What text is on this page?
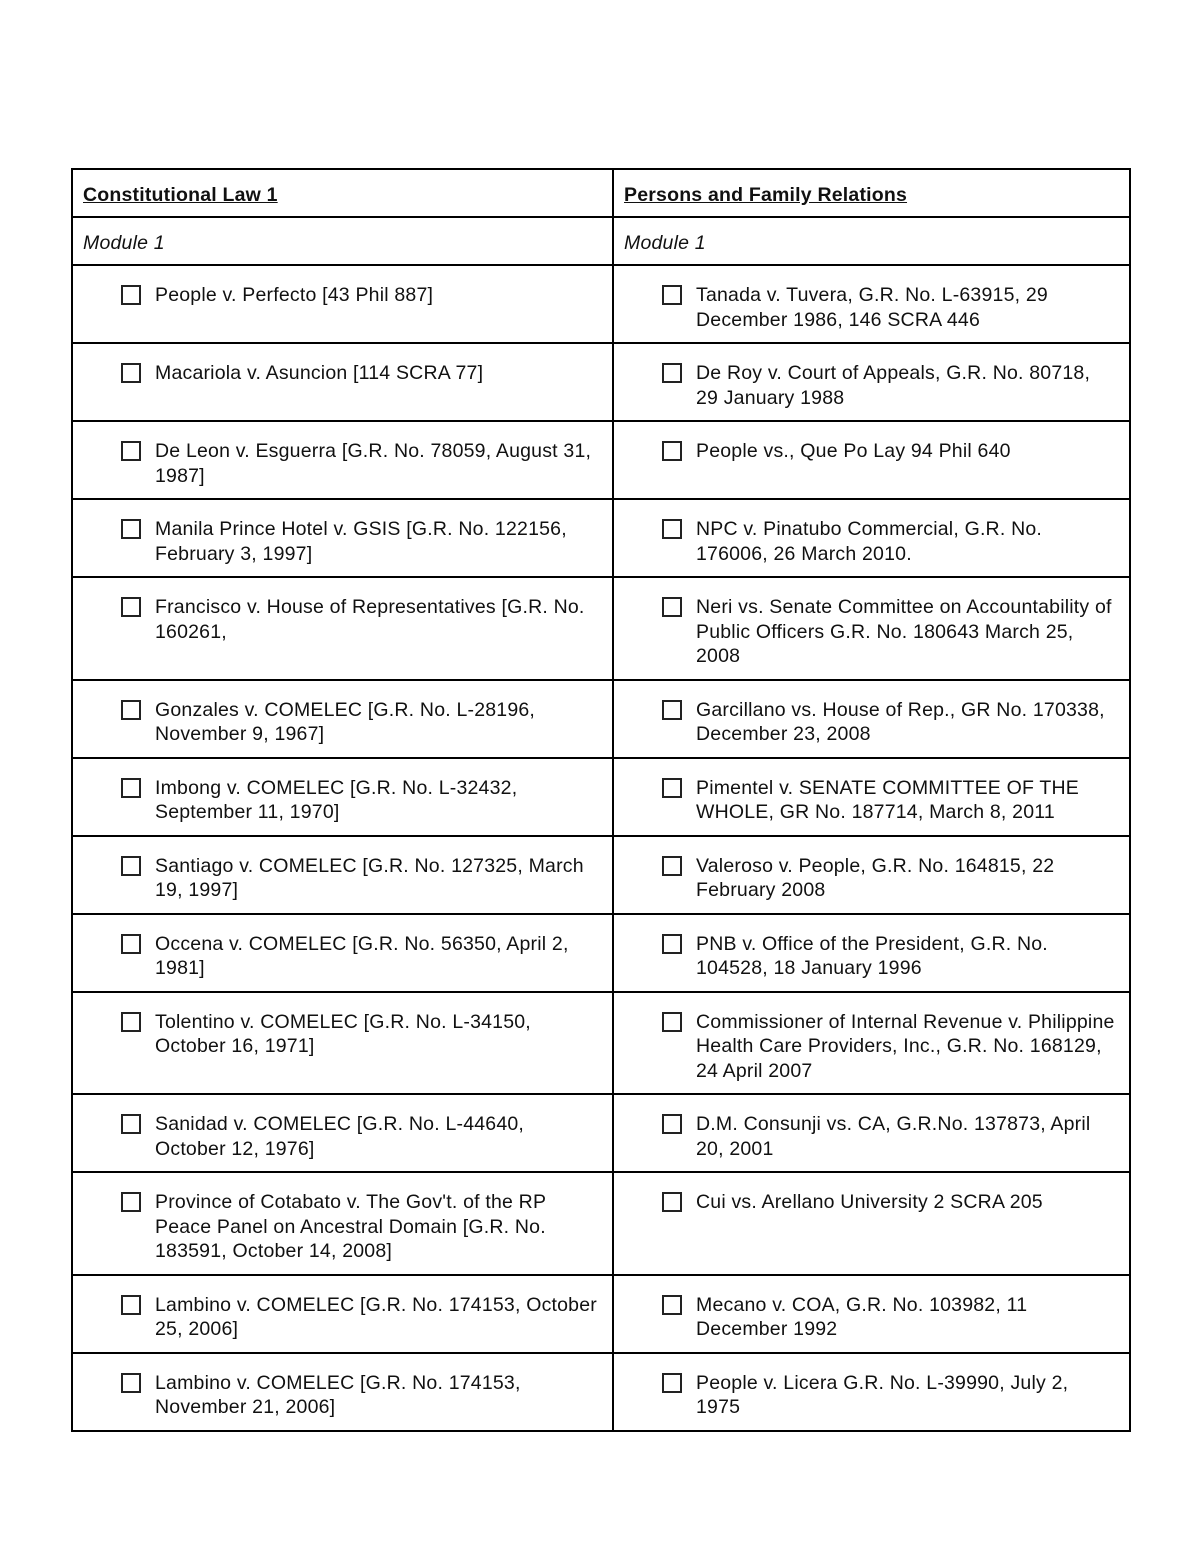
Constitutional Law 1	Persons and Family Relations

Module 1	Module 1

People v. Perfecto [43 Phil 887]	Tanada v. Tuvera, G.R. No. L-63915, 29 December 1986, 146 SCRA 446

Macariola v. Asuncion [114 SCRA 77]	De Roy v. Court of Appeals, G.R. No. 80718, 29 January 1988

De Leon v. Esguerra [G.R. No. 78059, August 31, 1987]	People vs., Que Po Lay 94 Phil 640

Manila Prince Hotel v. GSIS [G.R. No. 122156, February 3, 1997]	NPC v. Pinatubo Commercial, G.R. No. 176006, 26 March 2010.

Francisco v. House of Representatives [G.R. No. 160261,	Neri vs. Senate Committee on Accountability of Public Officers G.R. No. 180643 March 25, 2008

Gonzales v. COMELEC [G.R. No. L-28196, November 9, 1967]	Garcillano vs. House of Rep., GR No. 170338, December 23, 2008

Imbong v. COMELEC [G.R. No. L-32432, September 11, 1970]	Pimentel v. SENATE COMMITTEE OF THE WHOLE, GR No. 187714, March 8, 2011

Santiago v. COMELEC [G.R. No. 127325, March 19, 1997]	Valeroso v. People, G.R. No. 164815, 22 February 2008

Occena v. COMELEC [G.R. No. 56350, April 2, 1981]	PNB v. Office of the President, G.R. No. 104528, 18 January 1996

Tolentino v. COMELEC [G.R. No. L-34150, October 16, 1971]	Commissioner of Internal Revenue v. Philippine Health Care Providers, Inc., G.R. No. 168129, 24 April 2007

Sanidad v. COMELEC [G.R. No. L-44640, October 12, 1976]	D.M. Consunji vs. CA, G.R.No. 137873, April 20, 2001

Province of Cotabato v. The Gov't. of the RP Peace Panel on Ancestral Domain [G.R. No. 183591, October 14, 2008]	Cui vs. Arellano University 2 SCRA 205

Lambino v. COMELEC [G.R. No. 174153, October 25, 2006]	Mecano v. COA, G.R. No. 103982, 11 December 1992

Lambino v. COMELEC [G.R. No. 174153, November 21, 2006]	People v. Licera G.R. No. L-39990, July 2, 1975
